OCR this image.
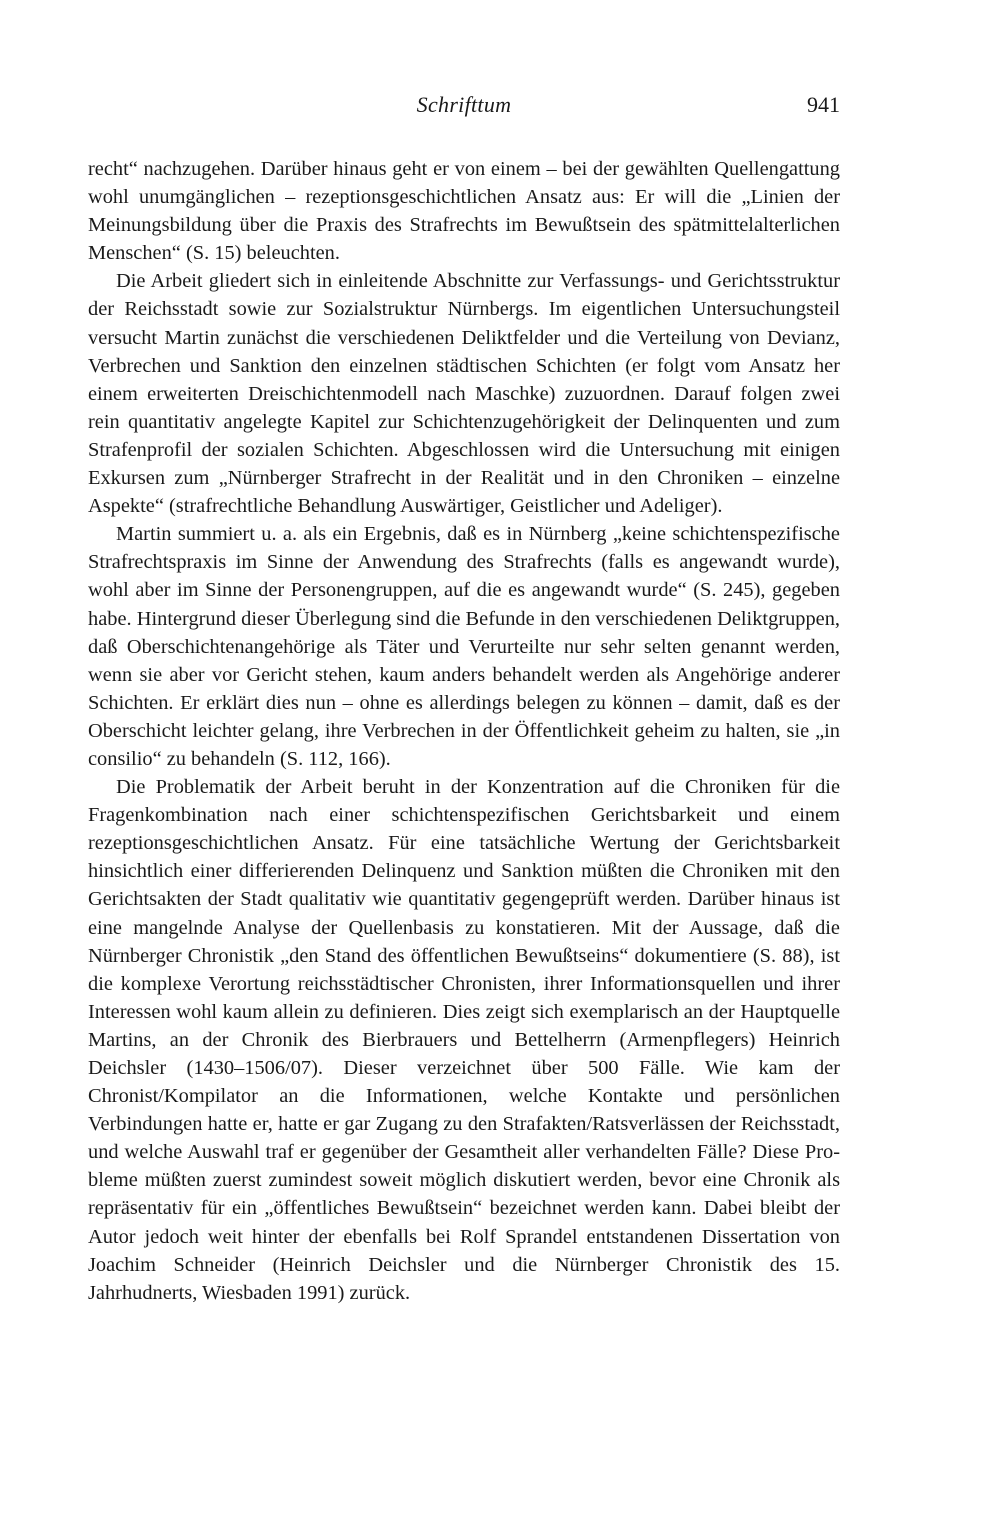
Schrifttum	941

recht“ nachzugehen. Darüber hinaus geht er von einem – bei der gewählten Quellengattung wohl unumgänglichen – rezeptionsgeschichtlichen Ansatz aus: Er will die „Linien der Meinungsbildung über die Praxis des Strafrechts im Bewußtsein des spätmittelalterlichen Menschen“ (S. 15) beleuchten.

Die Arbeit gliedert sich in einleitende Abschnitte zur Verfassungs- und Gerichtsstruktur der Reichsstadt sowie zur Sozialstruktur Nürnbergs. Im eigentlichen Untersuchungsteil versucht Martin zunächst die verschiedenen Deliktfelder und die Verteilung von Devianz, Verbrechen und Sanktion den einzelnen städtischen Schichten (er folgt vom Ansatz her einem erweiterten Dreischichtenmodell nach Maschke) zuzuordnen. Darauf folgen zwei rein quantitativ angelegte Kapitel zur Schichtenzugehörigkeit der Delinquenten und zum Strafenprofil der sozialen Schichten. Abgeschlossen wird die Untersuchung mit einigen Exkursen zum „Nürnberger Strafrecht in der Realität und in den Chroniken – einzelne Aspekte“ (strafrechtliche Behandlung Auswärtiger, Geistlicher und Adeliger).

Martin summiert u. a. als ein Ergebnis, daß es in Nürnberg „keine schichtenspezifische Strafrechtspraxis im Sinne der Anwendung des Strafrechts (falls es angewandt wurde), wohl aber im Sinne der Personengruppen, auf die es angewandt wurde“ (S. 245), gegeben habe. Hintergrund dieser Überlegung sind die Befunde in den verschiedenen Deliktgruppen, daß Oberschichtenangehörige als Täter und Verurteilte nur sehr selten genannt werden, wenn sie aber vor Gericht stehen, kaum anders behandelt werden als Angehörige anderer Schichten. Er erklärt dies nun – ohne es allerdings belegen zu können – damit, daß es der Oberschicht leichter gelang, ihre Verbrechen in der Öffentlichkeit geheim zu halten, sie „in consilio“ zu behandeln (S. 112, 166).

Die Problematik der Arbeit beruht in der Konzentration auf die Chroniken für die Fragenkombination nach einer schichtenspezifischen Gerichtsbarkeit und einem rezeptionsgeschichtlichen Ansatz. Für eine tatsächliche Wertung der Gerichtsbarkeit hinsichtlich einer differierenden Delinquenz und Sanktion müßten die Chroniken mit den Gerichtsakten der Stadt qualitativ wie quantitativ gegengeprüft werden. Darüber hinaus ist eine mangelnde Analyse der Quellenbasis zu konstatieren. Mit der Aussage, daß die Nürnberger Chronistik „den Stand des öffentlichen Bewußtseins“ dokumentiere (S. 88), ist die komplexe Verortung reichsstädtischer Chronisten, ihrer Informationsquellen und ihrer Interessen wohl kaum allein zu definieren. Dies zeigt sich exemplarisch an der Hauptquelle Martins, an der Chronik des Bierbrauers und Bettelherrn (Armenpflegers) Heinrich Deichsler (1430–1506/07). Dieser verzeichnet über 500 Fälle. Wie kam der Chronist/Kompilator an die Informationen, welche Kontakte und persönlichen Verbindungen hatte er, hatte er gar Zugang zu den Strafakten/Ratsverlässen der Reichsstadt, und welche Auswahl traf er gegenüber der Gesamtheit aller verhandelten Fälle? Diese Probleme müßten zuerst zumindest soweit möglich diskutiert werden, bevor eine Chronik als repräsentativ für ein „öffentliches Bewußtsein“ bezeichnet werden kann. Dabei bleibt der Autor jedoch weit hinter der ebenfalls bei Rolf Sprandel entstandenen Dissertation von Joachim Schneider (Heinrich Deichsler und die Nürnberger Chronistik des 15. Jahrhudnerts, Wiesbaden 1991) zurück.
